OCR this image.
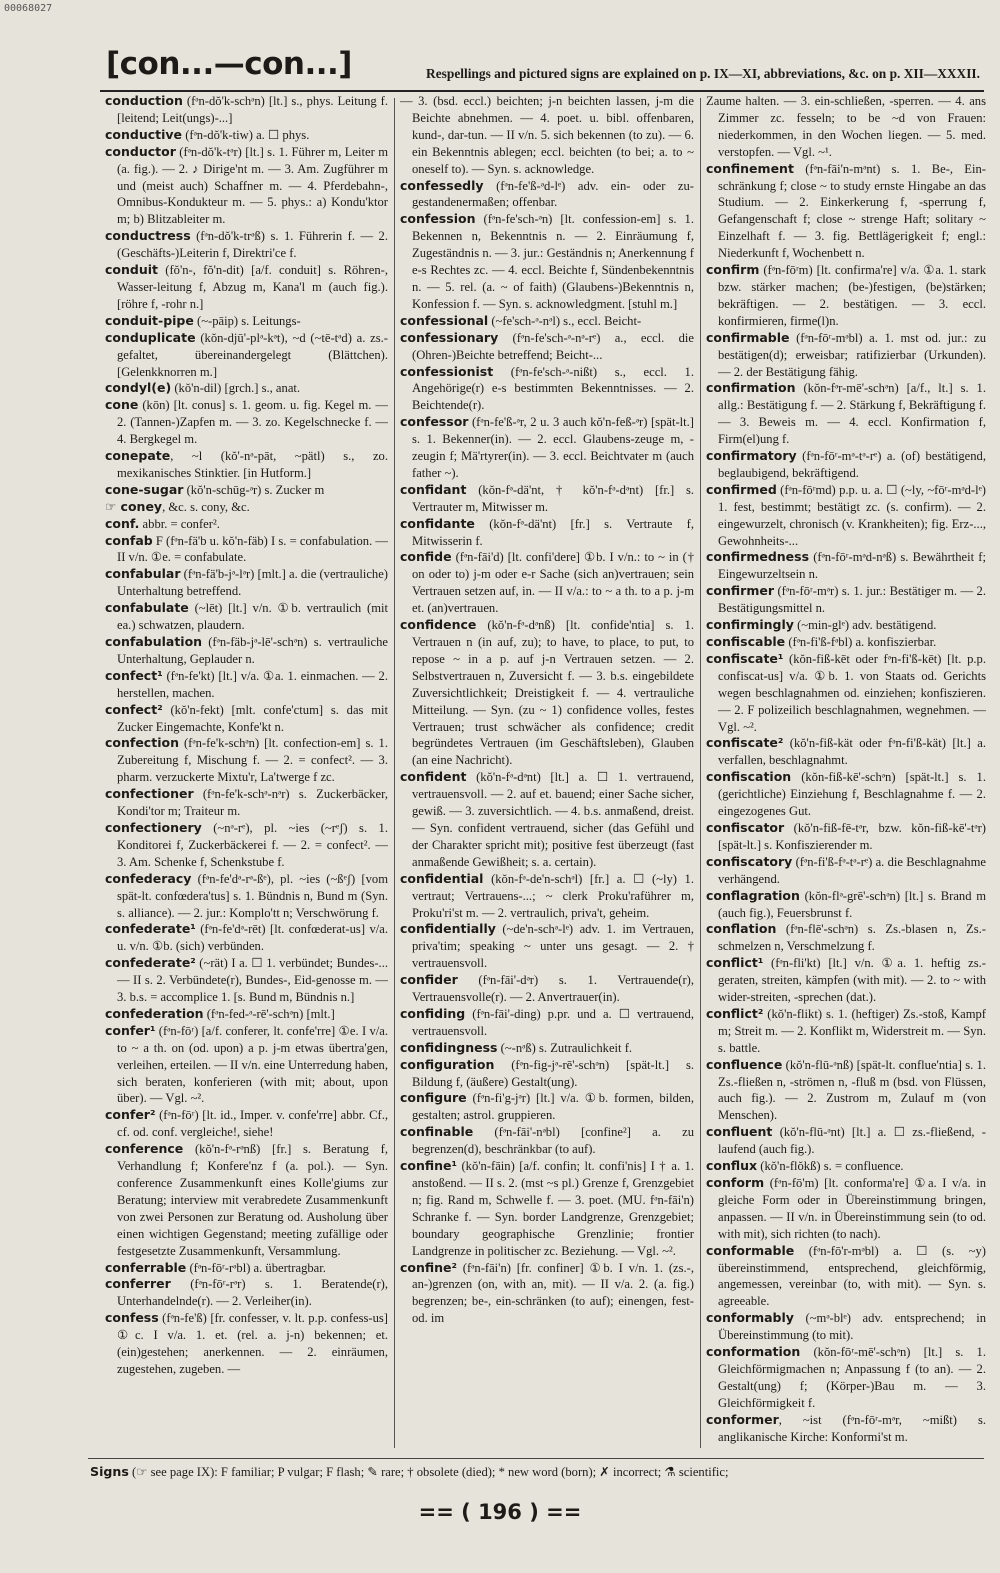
00068027
[con...—con...]	Respellings and pictured signs are explained on p. IX—XI, abbreviations, &c. on p. XII—XXXII.

conduction (fᵊn-dŏ'k-schᵊn) [lt.] s., phys. Leitung f. [leitend; Leit(ungs)-...]

conductive (fᵊn-dŏ'k-tiw) a. ☐ phys.

conductor (fᵊn-dŏ'k-tᵊr) [lt.] s. 1. Führer m, Leiter m (a. fig.). — 2. ♪ Dirige'nt m. — 3. Am. Zugführer m und (meist auch) Schaffner m. — 4. Pferdebahn-, Omnibus-Konduktеur m. — 5. phys.: a) Kondu'ktor m; b) Blitzableiter m.

conductress (fᵊn-dŏ'k-trᵊß) s. 1. Führerin f. — 2. (Geschäfts-)Leiterin f, Direktri'ce f.

conduit (fŏ'n-, fŏ'n-dit) [a/f. conduit] s. Röhren-, Wasser-leitung f, Abzug m, Kana'l m (auch fig.). [röhre f, -rohr n.]

conduit-pipe (~-pāip) s. Leitungs-

conduplicate (kŏn-djū'-plᵊ-kᵊt), ~d (~tē-tᵊd) a. zs.-gefaltet, übereinandergelegt (Blättchen). [Gelenkknorren m.]

condyl(e) (kŏ'n-dil) [grch.] s., anat.

cone (kōn) [lt. conus] s. 1. geom. u. fig. Kegel m. — 2. (Tannen-)Zapfen m. — 3. zo. Kegelschnecke f. — 4. Bergkegel m.

conepate, ~l (kŏ'-nᵊ-pāt, ~pätl) s., zo. mexikanisches Stinktier. [in Hutform.]

cone-sugar (kŏ'n-schūg-ᵊr) s. Zucker m

☞ coney, &c. s. cony, &c.

conf. abbr. = confer².

confab F (fᵊn-fä'b u. kŏ'n-fäb) I s. = confabulation. — II v/n. ①e. = confabulate.

confabular (fᵊn-fä'b-jᵊ-lᵊr) [mlt.] a. die (vertrauliche) Unterhaltung betreffend.

confabulate (~lēt) [lt.] v/n. ①b. vertraulich (mit ea.) schwatzen, plaudern.

confabulation (fᵊn-fäb-jᵊ-lē'-schᵊn) s. vertrauliche Unterhaltung, Geplauder n.

confect¹ (fᵊn-fe'kt) [lt.] v/a. ①a. 1. einmachen. — 2. herstellen, machen.

confect² (kŏ'n-fekt) [mlt. confe'ctum] s. das mit Zucker Eingemachte, Konfe'kt n.

confection (fᵊn-fe'k-schᵊn) [lt. confection-em] s. 1. Zubereitung f, Mischung f. — 2. = confect². — 3. pharm. verzuckerte Mixtu'r, La'twerge f zc.

confectioner (fᵊn-fe'k-schᵊ-nᵊr) s. Zuckerbäcker, Kondi'tor m; Traiteur m.

confectionery (~nᵊ-rᵉ), pl. ~ies (~rᵉʃ) s. 1. Konditorei f, Zuckerbäckerei f. — 2. = confect². — 3. Am. Schenke f, Schenkstube f.

confederacy (fᵊn-fe'dᵊ-rᵊ-ßᵉ), pl. ~ies (~ßᵉʃ) [vom spät-lt. confœdera'tus] s. 1. Bündnis n, Bund m (Syn. s. alliance). — 2. jur.: Komplo'tt n; Verschwörung f.

confederate¹ (fᵊn-fe'dᵊ-rēt) [lt. confœderat-us] v/a. u. v/n. ①b. (sich) verbünden.

confederate² (~rät) I a. ☐ 1. verbündet; Bundes-... — II s. 2. Verbündete(r), Bundes-, Eid-genosse m. — 3. b.s. = accomplice 1. [s. Bund m, Bündnis n.]

confederation (fᵊn-fed-ᵊ-rē'-schᵊn) [mlt.]

confer¹ (fᵊn-fōʳ) [a/f. conferer, lt. confe'rre] ①e. I v/a. to ~ a th. on (od. upon) a p. j-m etwas übertra'gen, verleihen, erteilen. — II v/n. eine Unterredung haben, sich beraten, konferieren (with mit; about, upon über). — Vgl. ~².

confer² (fᵊn-fōʳ) [lt. id., Imper. v. confe'rre] abbr. Cf., cf. od. conf. vergleiche!, siehe!

conference (kŏ'n-fᵊ-rᵊnß) [fr.] s. Beratung f, Verhandlung f; Konfere'nz f (a. pol.). — Syn. conference Zusammenkunft eines Kolle'giums zur Beratung; interview mit verabredete Zusammenkunft von zwei Personen zur Beratung od. Ausholung über einen wichtigen Gegenstand; meeting zufällige oder festgesetzte Zusammenkunft, Versammlung.

conferrable (fᵊn-fōʳ-rᵊbl) a. übertragbar.

conferrer (fᵊn-fōʳ-rᵊr) s. 1. Beratende(r), Unterhandelnde(r). — 2. Verleiher(in).

confess (fᵊn-fe'ß) [fr. confesser, v. lt. p.p. confess-us] ①c. I v/a. 1. et. (rel. a. j-n) bekennen; et. (ein)gestehen; anerkennen. — 2. einräumen, zugestehen, zugeben. —

— 3. (bsd. eccl.) beichten; j-n beichten lassen, j-m die Beichte abnehmen. — 4. poet. u. bibl. offenbaren, kund-, dar-tun. — II v/n. 5. sich bekennen (to zu). — 6. ein Bekenntnis ablegen; eccl. beichten (to bei; a. to ~ oneself to). — Syn. s. acknowledge.

confessedly (fᵊn-fe'ß-ᵊd-lᵉ) adv. ein- oder zu-gestandenermaßen; offenbar.

confession (fᵊn-fe'sch-ᵊn) [lt. confession-em] s. 1. Bekennen n, Bekenntnis n. — 2. Einräumung f, Zugeständnis n. — 3. jur.: Geständnis n; Anerkennung f e-s Rechtes zc. — 4. eccl. Beichte f, Sündenbekenntnis n. — 5. rel. (a. ~ of faith) (Glaubens-)Bekenntnis n, Konfession f. — Syn. s. acknowledgment. [stuhl m.]

confessional (~fe'sch-ᵊ-nᵊl) s., eccl. Beicht-

confessionary (fᵊn-fe'sch-ᵊ-nᵊ-rᵉ) a., eccl. die (Ohren-)Beichte betreffend; Beicht-...

confessionist (fᵊn-fe'sch-ᵊ-nißt) s., eccl. 1. Angehörige(r) e-s bestimmten Bekenntnisses. — 2. Beichtende(r).

confessor (fᵊn-fe'ß-ᵊr, 2 u. 3 auch kŏ'n-feß-ᵊr) [spät-lt.] s. 1. Bekenner(in). — 2. eccl. Glaubens-zeuge m, -zeugin f; Mä'rtyrer(in). — 3. eccl. Beichtvater m (auch father ~).

confidant (kŏn-fᵊ-dä'nt, † kŏ'n-fᵊ-dᵊnt) [fr.] s. Vertrauter m, Mitwisser m.

confidante (kŏn-fᵊ-dä'nt) [fr.] s. Vertraute f, Mitwisserin f.

confide (fᵊn-fāi'd) [lt. confi'dere] ①b. I v/n.: to ~ in († on oder to) j-m oder e-r Sache (sich an)vertrauen; sein Vertrauen setzen auf, in. — II v/a.: to ~ a th. to a p. j-m et. (an)vertrauen.

confidence (kŏ'n-fᵊ-dᵊnß) [lt. confide'ntia] s. 1. Vertrauen n (in auf, zu); to have, to place, to put, to repose ~ in a p. auf j-n Vertrauen setzen. — 2. Selbstvertrauen n, Zuversicht f. — 3. b.s. eingebildete Zuversichtlichkeit; Dreistigkeit f. — 4. vertrauliche Mitteilung. — Syn. (zu ~ 1) confidence volles, festes Vertrauen; trust schwächer als confidence; credit begründetes Vertrauen (im Geschäftsleben), Glauben (an eine Nachricht).

confident (kŏ'n-fᵊ-dᵊnt) [lt.] a. ☐ 1. vertrauend, vertrauensvoll. — 2. auf et. bauend; einer Sache sicher, gewiß. — 3. zuversichtlich. — 4. b.s. anmaßend, dreist. — Syn. confident vertrauend, sicher (das Gefühl und der Charakter spricht mit); positive fest überzeugt (fast anmaßende Gewißheit; s. a. certain).

confidential (kŏn-fᵊ-de'n-schᵊl) [fr.] a. ☐ (~ly) 1. vertraut; Vertrauens-...; ~ clerk Proku'raführer m, Proku'ri'st m. — 2. vertraulich, priva't, geheim.

confidentially (~de'n-schᵊ-lᵉ) adv. 1. im Vertrauen, priva'tim; speaking ~ unter uns gesagt. — 2. † vertrauensvoll.

confider (fᵊn-fāi'-dᵊr) s. 1. Vertrauende(r), Vertrauensvolle(r). — 2. Anvertrauer(in).

confiding (fᵊn-fāi'-ding) p.pr. und a. ☐ vertrauend, vertrauensvoll.

confidingness (~-nᵊß) s. Zutraulichkeit f.

configuration (fᵊn-fig-jᵊ-rē'-schᵊn) [spät-lt.] s. Bildung f, (äußere) Gestalt(ung).

configure (fᵊn-fi'g-jᵊr) [lt.] v/a. ①b. formen, bilden, gestalten; astrol. gruppieren.

confinable (fᵊn-fāi'-nᵊbl) [confine²] a. zu begrenzen(d), beschränkbar (to auf).

confine¹ (kŏ'n-fāin) [a/f. confin; lt. confi'nis] I † a. 1. anstoßend. — II s. 2. (mst ~s pl.) Grenze f, Grenzgebiet n; fig. Rand m, Schwelle f. — 3. poet. (MU. fᵊn-fāi'n) Schranke f. — Syn. border Landgrenze, Grenzgebiet; boundary geographische Grenzlinie; frontier Landgrenze in politischer zc. Beziehung. — Vgl. ~².

confine² (fᵊn-fāi'n) [fr. confiner] ①b. I v/n. 1. (zs.-, an-)grenzen (on, with an, mit). — II v/a. 2. (a. fig.) begrenzen; be-, ein-schränken (to auf); einengen, fest- od. im

Zaume halten. — 3. ein-schließen, -sperren. — 4. ans Zimmer zc. fesseln; to be ~d von Frauen: niederkommen, in den Wochen liegen. — 5. med. verstopfen. — Vgl. ~¹.

confinement (fᵊn-fāi'n-mᵊnt) s. 1. Be-, Ein-schränkung f; close ~ to study ernste Hingabe an das Studium. — 2. Einkerkerung f, -sperrung f, Gefangenschaft f; close ~ strenge Haft; solitary ~ Einzelhaft f. — 3. fig. Bettlägerigkeit f; engl.: Niederkunft f, Wochenbett n.

confirm (fᵊn-fōʳm) [lt. confirma're] v/a. ①a. 1. stark bzw. stärker machen; (be-)festigen, (be)stärken; bekräftigen. — 2. bestätigen. — 3. eccl. konfirmieren, firme(l)n.

confirmable (fᵊn-fōʳ-mᵊbl) a. 1. mst od. jur.: zu bestätigen(d); erweisbar; ratifizierbar (Urkunden). — 2. der Bestätigung fähig.

confirmation (kŏn-fᵊr-mē'-schᵊn) [a/f., lt.] s. 1. allg.: Bestätigung f. — 2. Stärkung f, Bekräftigung f. — 3. Beweis m. — 4. eccl. Konfirmation f, Firm(el)ung f.

confirmatory (fᵊn-fōʳ-mᵊ-tᵊ-rᵉ) a. (of) bestätigend, beglaubigend, bekräftigend.

confirmed (fᵊn-fōʳmd) p.p. u. a. ☐ (~ly, ~fōʳ-mᵊd-lᵉ) 1. fest, bestimmt; bestätigt zc. (s. confirm). — 2. eingewurzelt, chronisch (v. Krankheiten); fig. Erz-..., Gewohnheits-...

confirmedness (fᵊn-fōʳ-mᵊd-nᵊß) s. Bewährtheit f; Eingewurzeltsein n.

confirmer (fᵊn-fōʳ-mᵊr) s. 1. jur.: Bestätiger m. — 2. Bestätigungsmittel n.

confirmingly (~min-glᵉ) adv. bestätigend.

confiscable (fᵊn-fi'ß-fᵊbl) a. konfiszierbar.

confiscate¹ (kŏn-fiß-kēt oder fᵊn-fi'ß-kēt) [lt. p.p. confiscat-us] v/a. ①b. 1. von Staats od. Gerichts wegen beschlagnahmen od. einziehen; konfiszieren. — 2. F polizeilich beschlagnahmen, wegnehmen. — Vgl. ~².

confiscate² (kŏ'n-fiß-kät oder fᵊn-fi'ß-kät) [lt.] a. verfallen, beschlagnahmt.

confiscation (kŏn-fiß-kē'-schᵊn) [spät-lt.] s. 1. (gerichtliche) Einziehung f, Beschlagnahme f. — 2. eingezogenes Gut.

confiscator (kŏ'n-fiß-fē-tᵊr, bzw. kŏn-fiß-kē'-tᵊr) [spät-lt.] s. Konfiszierender m.

confiscatory (fᵊn-fi'ß-fᵊ-tᵊ-rᵉ) a. die Beschlagnahme verhängend.

conflagration (kŏn-flᵊ-grē'-schᵊn) [lt.] s. Brand m (auch fig.), Feuersbrunst f.

conflation (fᵊn-flē'-schᵊn) s. Zs.-blasen n, Zs.-schmelzen n, Verschmelzung f.

conflict¹ (fᵊn-fli'kt) [lt.] v/n. ①a. 1. heftig zs.-geraten, streiten, kämpfen (with mit). — 2. to ~ with wider-streiten, -sprechen (dat.).

conflict² (kŏ'n-flikt) s. 1. (heftiger) Zs.-stoß, Kampf m; Streit m. — 2. Konflikt m, Widerstreit m. — Syn. s. battle.

confluence (kŏ'n-flū-ᵊnß) [spät-lt. conflue'ntia] s. 1. Zs.-fließen n, -strömen n, -fluß m (bsd. von Flüssen, auch fig.). — 2. Zustrom m, Zulauf m (von Menschen).

confluent (kŏ'n-flū-ᵊnt) [lt.] a. ☐ zs.-fließend, -laufend (auch fig.).

conflux (kŏ'n-flŏkß) s. = confluence.

conform (fᵊn-fō'm) [lt. conforma're] ①a. I v/a. in gleiche Form oder in Übereinstimmung bringen, anpassen. — II v/n. in Übereinstimmung sein (to od. with mit), sich richten (to nach).

conformable (fᵊn-fō'r-mᵊbl) a. ☐ (s. ~y) übereinstimmend, entsprechend, gleichförmig, angemessen, vereinbar (to, with mit). — Syn. s. agreeable.

conformably (~mᵊ-blᵉ) adv. entsprechend; in Übereinstimmung (to mit).

conformation (kŏn-fōʳ-mē'-schᵊn) [lt.] s. 1. Gleichförmigmachen n; Anpassung f (to an). — 2. Gestalt(ung) f; (Körper-)Bau m. — 3. Gleichförmigkeit f.

conformer, ~ist (fᵊn-fōʳ-mᵊr, ~mißt) s. anglikanische Kirche: Konformi'st m.

Signs (☞ see page IX): F familiar; P vulgar; F flash; ✎ rare; † obsolete (died); * new word (born); ✗ incorrect; ⚗ scientific;
== ( 196 ) ==
